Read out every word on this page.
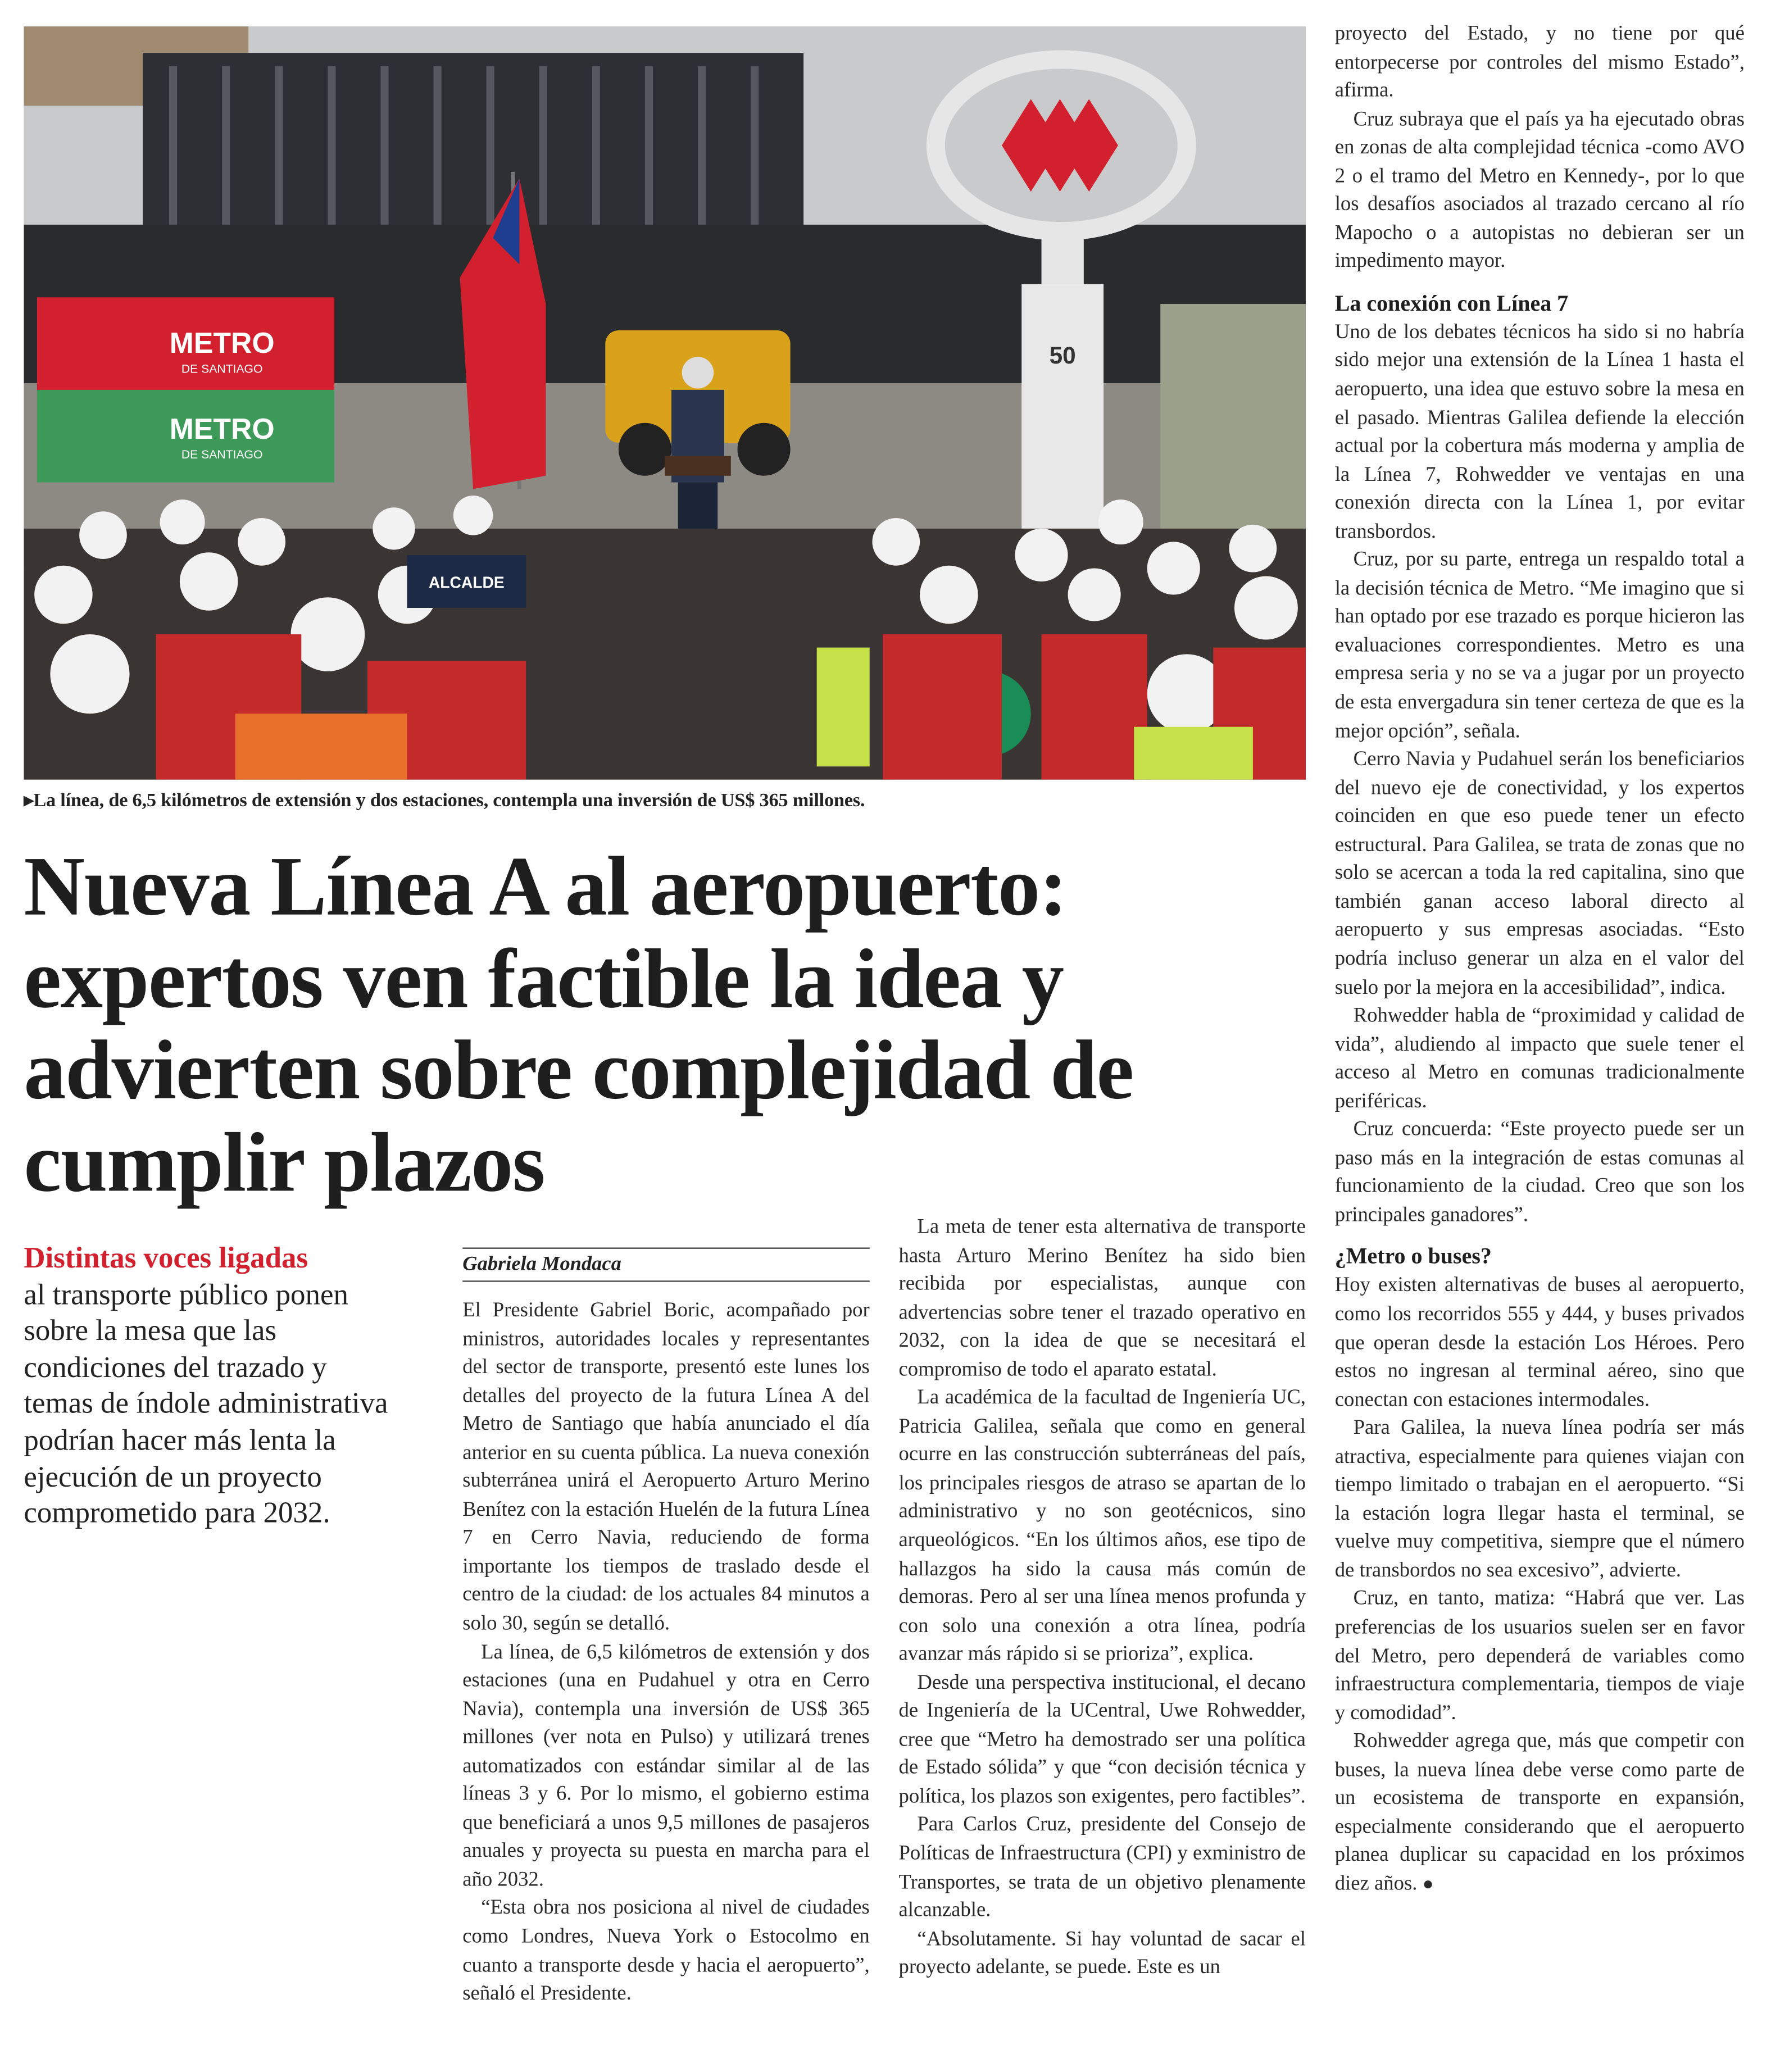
METRO
DE SANTIAGO
METRO
DE SANTIAGO
50
ALCALDE
▸La línea, de 6,5 kilómetros de extensión y dos estaciones, contempla una inversión de US$ 365 millones.
Nueva Línea A al aeropuerto: expertos ven factible la idea y advierten sobre complejidad de cumplir plazos
Distintas voces ligadas
al transporte público ponen sobre la mesa que las condiciones del trazado y temas de índole administrativa podrían hacer más lenta la ejecución de un proyecto comprometido para 2032.
Gabriela Mondaca

El Presidente Gabriel Boric, acompañado por ministros, autoridades locales y representantes del sector de transporte, presentó este lunes los detalles del proyecto de la futura Línea A del Metro de Santiago que había anunciado el día anterior en su cuenta pública. La nueva conexión subterránea unirá el Aeropuerto Arturo Merino Benítez con la estación Huelén de la futura Línea 7 en Cerro Navia, reduciendo de forma importante los tiempos de traslado desde el centro de la ciudad: de los actuales 84 minutos a solo 30, según se detalló.

La línea, de 6,5 kilómetros de extensión y dos estaciones (una en Pudahuel y otra en Cerro Navia), contempla una inversión de US$ 365 millones (ver nota en Pulso) y utilizará trenes automatizados con estándar similar al de las líneas 3 y 6. Por lo mismo, el gobierno estima que beneficiará a unos 9,5 millones de pasajeros anuales y proyecta su puesta en marcha para el año 2032.

“Esta obra nos posiciona al nivel de ciudades como Londres, Nueva York o Estocolmo en cuanto a transporte desde y hacia el aeropuerto”, señaló el Presidente.

La meta de tener esta alternativa de transporte hasta Arturo Merino Benítez ha sido bien recibida por especialistas, aunque con advertencias sobre tener el trazado operativo en 2032, con la idea de que se necesitará el compromiso de todo el aparato estatal.

La académica de la facultad de Ingeniería UC, Patricia Galilea, señala que como en general ocurre en las construcción subterráneas del país, los principales riesgos de atraso se apartan de lo administrativo y no son geotécnicos, sino arqueológicos. “En los últimos años, ese tipo de hallazgos ha sido la causa más común de demoras. Pero al ser una línea menos profunda y con solo una conexión a otra línea, podría avanzar más rápido si se prioriza”, explica.

Desde una perspectiva institucional, el decano de Ingeniería de la UCentral, Uwe Rohwedder, cree que “Metro ha demostrado ser una política de Estado sólida” y que “con decisión técnica y política, los plazos son exigentes, pero factibles”.

Para Carlos Cruz, presidente del Consejo de Políticas de Infraestructura (CPI) y exministro de Transportes, se trata de un objetivo plenamente alcanzable.

“Absolutamente. Si hay voluntad de sacar el proyecto adelante, se puede. Este es un

proyecto del Estado, y no tiene por qué entorpecerse por controles del mismo Estado”, afirma.

Cruz subraya que el país ya ha ejecutado obras en zonas de alta complejidad técnica -como AVO 2 o el tramo del Metro en Kennedy-, por lo que los desafíos asociados al trazado cercano al río Mapocho o a autopistas no debieran ser un impedimento mayor.

La conexión con Línea 7

Uno de los debates técnicos ha sido si no habría sido mejor una extensión de la Línea 1 hasta el aeropuerto, una idea que estuvo sobre la mesa en el pasado. Mientras Galilea defiende la elección actual por la cobertura más moderna y amplia de la Línea 7, Rohwedder ve ventajas en una conexión directa con la Línea 1, por evitar transbordos.

Cruz, por su parte, entrega un respaldo total a la decisión técnica de Metro. “Me imagino que si han optado por ese trazado es porque hicieron las evaluaciones correspondientes. Metro es una empresa seria y no se va a jugar por un proyecto de esta envergadura sin tener certeza de que es la mejor opción”, señala.

Cerro Navia y Pudahuel serán los beneficiarios del nuevo eje de conectividad, y los expertos coinciden en que eso puede tener un efecto estructural. Para Galilea, se trata de zonas que no solo se acercan a toda la red capitalina, sino que también ganan acceso laboral directo al aeropuerto y sus empresas asociadas. “Esto podría incluso generar un alza en el valor del suelo por la mejora en la accesibilidad”, indica.

Rohwedder habla de “proximidad y calidad de vida”, aludiendo al impacto que suele tener el acceso al Metro en comunas tradicionalmente periféricas.

Cruz concuerda: “Este proyecto puede ser un paso más en la integración de estas comunas al funcionamiento de la ciudad. Creo que son los principales ganadores”.

¿Metro o buses?

Hoy existen alternativas de buses al aeropuerto, como los recorridos 555 y 444, y buses privados que operan desde la estación Los Héroes. Pero estos no ingresan al terminal aéreo, sino que conectan con estaciones intermodales.

Para Galilea, la nueva línea podría ser más atractiva, especialmente para quienes viajan con tiempo limitado o trabajan en el aeropuerto. “Si la estación logra llegar hasta el terminal, se vuelve muy competitiva, siempre que el número de transbordos no sea excesivo”, advierte.

Cruz, en tanto, matiza: “Habrá que ver. Las preferencias de los usuarios suelen ser en favor del Metro, pero dependerá de variables como infraestructura complementaria, tiempos de viaje y comodidad”.

Rohwedder agrega que, más que competir con buses, la nueva línea debe verse como parte de un ecosistema de transporte en expansión, especialmente considerando que el aeropuerto planea duplicar su capacidad en los próximos diez años. ●
